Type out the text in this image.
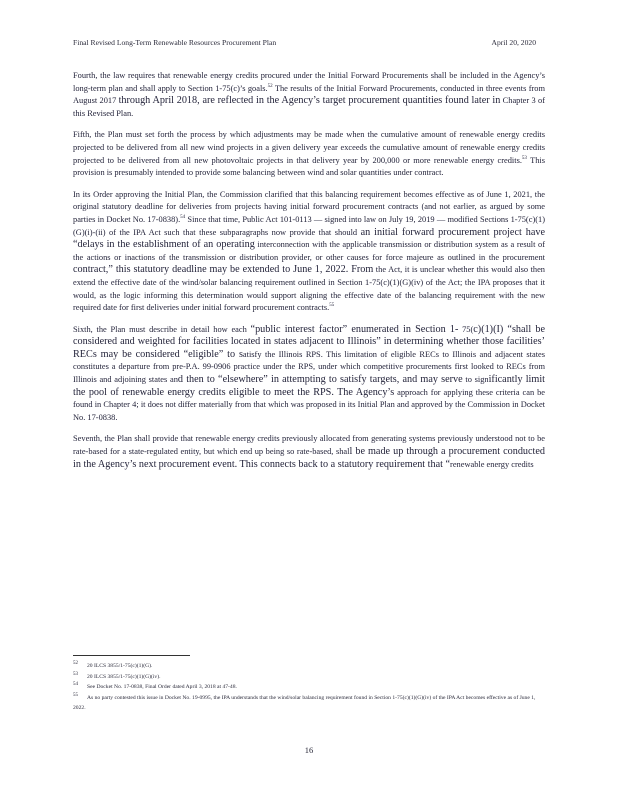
Final Revised Long-Term Renewable Resources Procurement Plan	April 20, 2020

Fourth, the law requires that renewable energy credits procured under the Initial Forward Procurements shall be included in the Agency’s long-term plan and shall apply to Section 1-75(c)’s goals.$^{52}$ The results of the Initial Forward Procurements, conducted in three events from August 2017 through April 2018, are reflected in the Agency’s target procurement quantities found later in Chapter 3 of this Revised Plan.

Fifth, the Plan must set forth the process by which adjustments may be made when the cumulative amount of renewable energy credits projected to be delivered from all new wind projects in a given delivery year exceeds the cumulative amount of renewable energy credits projected to be delivered from all new photovoltaic projects in that delivery year by 200,000 or more renewable energy credits.$^{53}$ This provision is presumably intended to provide some balancing between wind and solar quantities under contract.

In its Order approving the Initial Plan, the Commission clarified that this balancing requirement becomes effective as of June 1, 2021, the original statutory deadline for deliveries from projects having initial forward procurement contracts (and not earlier, as argued by some parties in Docket No. 17-0838).$^{54}$ Since that time, Public Act 101-0113 — signed into law on July 19, 2019 — modified Sections 1-75(c)(1)(G)(i)-(ii) of the IPA Act such that these subparagraphs now provide that should an initial forward procurement project have “delays in the establishment of an operating interconnection with the applicable transmission or distribution system as a result of the actions or inactions of the transmission or distribution provider, or other causes for force majeure as outlined in the procurement contract,” this statutory deadline may be extended to June 1, 2022. From the Act, it is unclear whether this would also then extend the effective date of the wind/solar balancing requirement outlined in Section 1-75(c)(1)(G)(iv) of the Act; the IPA proposes that it would, as the logic informing this determination would support aligning the effective date of the balancing requirement with the new required date for first deliveries under initial forward procurement contracts.$^{55}$

Sixth, the Plan must describe in detail how each “public interest factor” enumerated in Section 1- 75(c)(1)(I) “shall be considered and weighted for facilities located in states adjacent to Illinois” in determining whether those facilities’ RECs may be considered “eligible” to satisfy the Illinois RPS. This limitation of eligible RECs to Illinois and adjacent states constitutes a departure from pre-P.A. 99-0906 practice under the RPS, under which competitive procurements first looked to RECs from Illinois and adjoining states and then to “elsewhere” in attempting to satisfy targets, and may serve to significantly limit the pool of renewable energy credits eligible to meet the RPS. The Agency’s approach for applying these criteria can be found in Chapter 4; it does not differ materially from that which was proposed in its Initial Plan and approved by the Commission in Docket No. 17-0838.

Seventh, the Plan shall provide that renewable energy credits previously allocated from generating systems previously understood not to be rate-based for a state-regulated entity, but which end up being so rate-based, shall be made up through a procurement conducted in the Agency’s next procurement event. This connects back to a statutory requirement that “renewable energy credits

$^{52}$ 20 ILCS 3855/1-75(c)(1)(G).

$^{53}$ 20 ILCS 3855/1-75(c)(1)(G)(iv).

$^{54}$ See Docket No. 17-0838, Final Order dated April 3, 2018 at 47-48.

$^{55}$ As no party contested this issue in Docket No. 19-0995, the IPA understands that the wind/solar balancing requirement found in Section 1-75(c)(1)(G)(iv) of the IPA Act becomes effective as of June 1, 2022.

16
